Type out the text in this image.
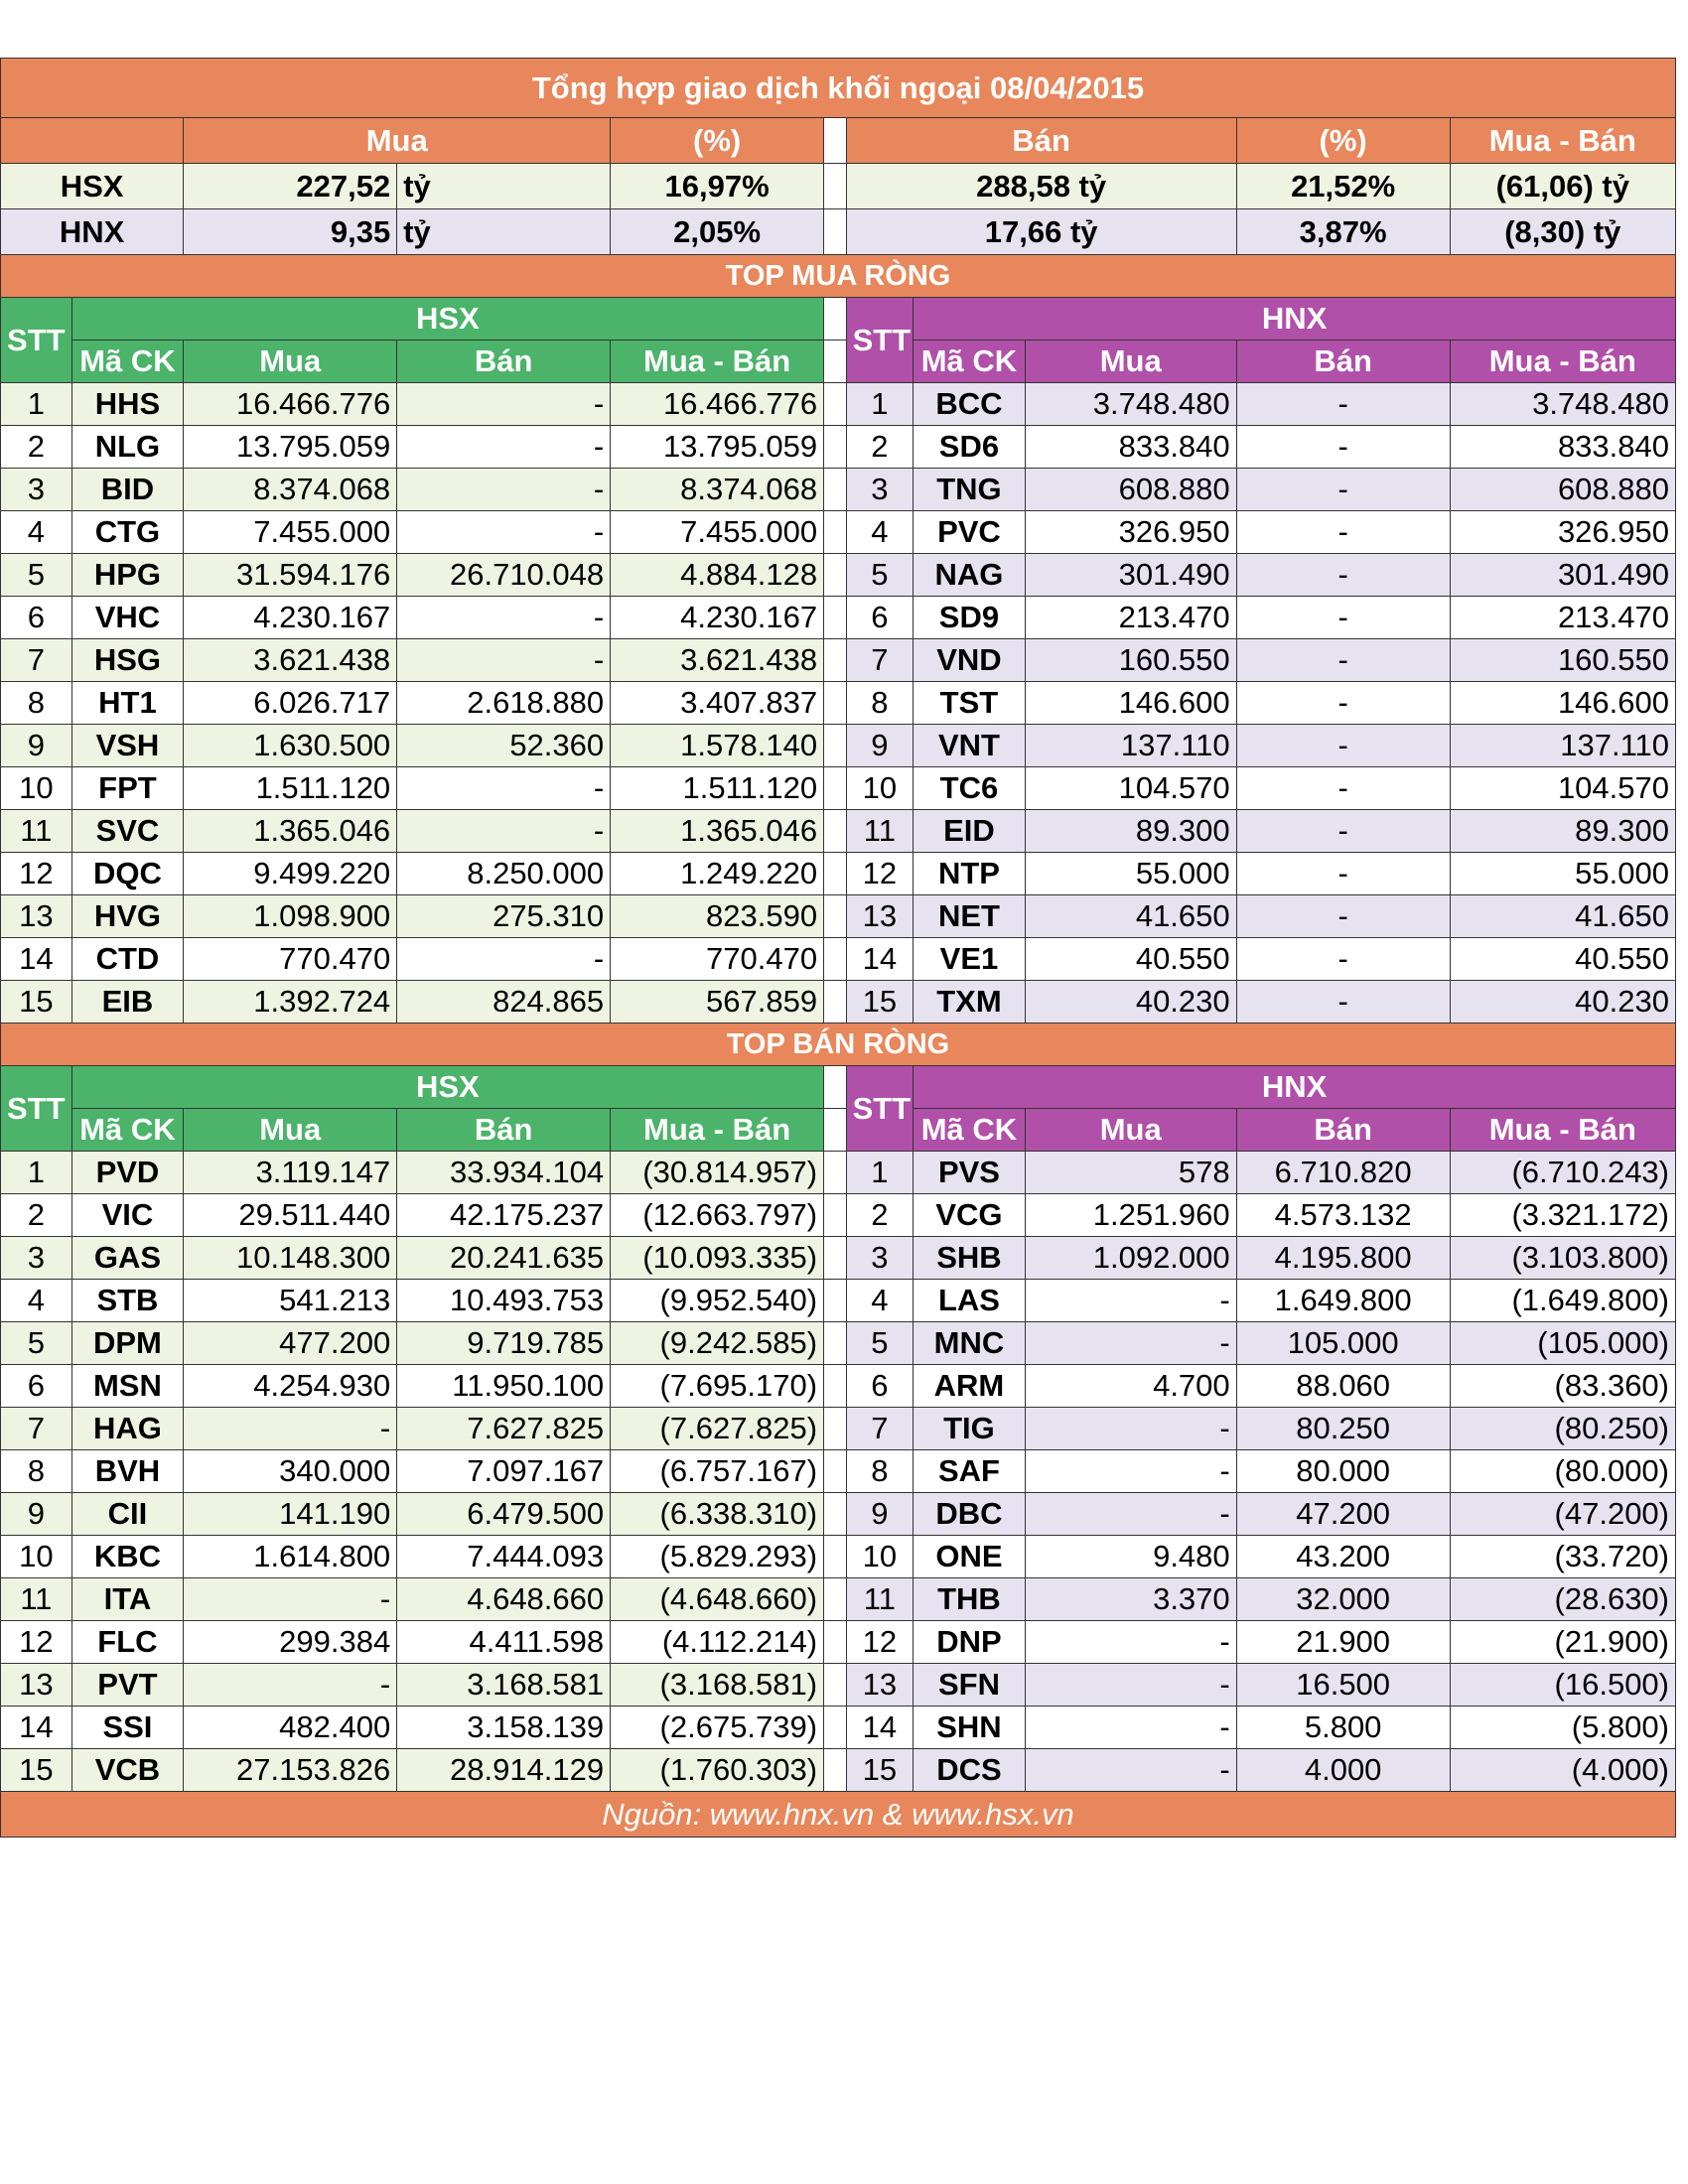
Tổng hợp giao dịch khối ngoại 08/04/2015										
		Mua		(%)		Bán			(%)	Mua - Bán
HSX		227,52	tỷ	16,97%		288,58 tỷ			21,52%	(61,06) tỷ
HNX		9,35	tỷ	2,05%		17,66 tỷ			3,87%	(8,30) tỷ
TOP MUA RÒNG										
STT	HSX					STT	HNX			
	Mã CK	Mua	Bán	Mua - Bán			Mã CK	Mua	Bán	Mua - Bán
1	HHS	16.466.776	-	16.466.776		1	BCC	3.748.480	-	3.748.480
2	NLG	13.795.059	-	13.795.059		2	SD6	833.840	-	833.840
3	BID	8.374.068	-	8.374.068		3	TNG	608.880	-	608.880
4	CTG	7.455.000	-	7.455.000		4	PVC	326.950	-	326.950
5	HPG	31.594.176	26.710.048	4.884.128		5	NAG	301.490	-	301.490
6	VHC	4.230.167	-	4.230.167		6	SD9	213.470	-	213.470
7	HSG	3.621.438	-	3.621.438		7	VND	160.550	-	160.550
8	HT1	6.026.717	2.618.880	3.407.837		8	TST	146.600	-	146.600
9	VSH	1.630.500	52.360	1.578.140		9	VNT	137.110	-	137.110
10	FPT	1.511.120	-	1.511.120		10	TC6	104.570	-	104.570
11	SVC	1.365.046	-	1.365.046		11	EID	89.300	-	89.300
12	DQC	9.499.220	8.250.000	1.249.220		12	NTP	55.000	-	55.000
13	HVG	1.098.900	275.310	823.590		13	NET	41.650	-	41.650
14	CTD	770.470	-	770.470		14	VE1	40.550	-	40.550
15	EIB	1.392.724	824.865	567.859		15	TXM	40.230	-	40.230
TOP BÁN RÒNG										
STT	HSX					STT	HNX			
	Mã CK	Mua	Bán	Mua - Bán			Mã CK	Mua	Bán	Mua - Bán
1	PVD	3.119.147	33.934.104	(30.814.957)		1	PVS	578	6.710.820	(6.710.243)
2	VIC	29.511.440	42.175.237	(12.663.797)		2	VCG	1.251.960	4.573.132	(3.321.172)
3	GAS	10.148.300	20.241.635	(10.093.335)		3	SHB	1.092.000	4.195.800	(3.103.800)
4	STB	541.213	10.493.753	(9.952.540)		4	LAS	-	1.649.800	(1.649.800)
5	DPM	477.200	9.719.785	(9.242.585)		5	MNC	-	105.000	(105.000)
6	MSN	4.254.930	11.950.100	(7.695.170)		6	ARM	4.700	88.060	(83.360)
7	HAG	-	7.627.825	(7.627.825)		7	TIG	-	80.250	(80.250)
8	BVH	340.000	7.097.167	(6.757.167)		8	SAF	-	80.000	(80.000)
9	CII	141.190	6.479.500	(6.338.310)		9	DBC	-	47.200	(47.200)
10	KBC	1.614.800	7.444.093	(5.829.293)		10	ONE	9.480	43.200	(33.720)
11	ITA	-	4.648.660	(4.648.660)		11	THB	3.370	32.000	(28.630)
12	FLC	299.384	4.411.598	(4.112.214)		12	DNP	-	21.900	(21.900)
13	PVT	-	3.168.581	(3.168.581)		13	SFN	-	16.500	(16.500)
14	SSI	482.400	3.158.139	(2.675.739)		14	SHN	-	5.800	(5.800)
15	VCB	27.153.826	28.914.129	(1.760.303)		15	DCS	-	4.000	(4.000)
Nguồn: www.hnx.vn & www.hsx.vn										
